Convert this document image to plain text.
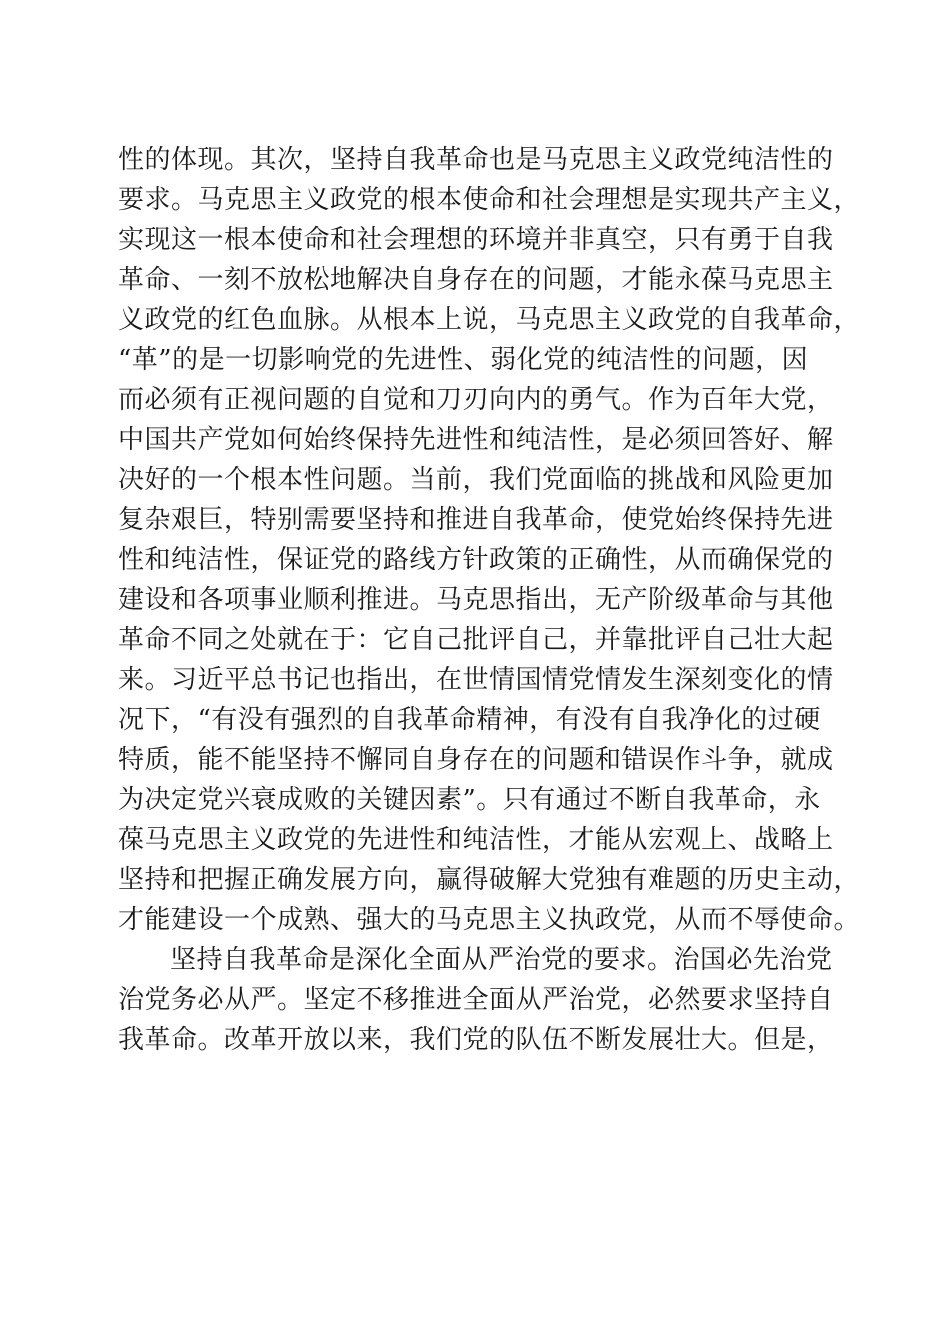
性的体现。其次，坚持自我革命也是马克思主义政党纯洁性的
要求。马克思主义政党的根本使命和社会理想是实现共产主义，
实现这一根本使命和社会理想的环境并非真空，只有勇于自我
革命、一刻不放松地解决自身存在的问题，才能永葆马克思主
义政党的红色血脉。从根本上说，马克思主义政党的自我革命，
“革”的是一切影响党的先进性、弱化党的纯洁性的问题，因
而必须有正视问题的自觉和刀刃向内的勇气。作为百年大党，
中国共产党如何始终保持先进性和纯洁性，是必须回答好、解
决好的一个根本性问题。当前，我们党面临的挑战和风险更加
复杂艰巨，特别需要坚持和推进自我革命，使党始终保持先进
性和纯洁性，保证党的路线方针政策的正确性，从而确保党的
建设和各项事业顺利推进。马克思指出，无产阶级革命与其他
革命不同之处就在于：它自己批评自己，并靠批评自己壮大起
来。习近平总书记也指出，在世情国情党情发生深刻变化的情
况下，“有没有强烈的自我革命精神，有没有自我净化的过硬
特质，能不能坚持不懈同自身存在的问题和错误作斗争，就成
为决定党兴衰成败的关键因素”。只有通过不断自我革命，永
葆马克思主义政党的先进性和纯洁性，才能从宏观上、战略上
坚持和把握正确发展方向，赢得破解大党独有难题的历史主动，
才能建设一个成熟、强大的马克思主义执政党，从而不辱使命。
坚持自我革命是深化全面从严治党的要求。治国必先治党
治党务必从严。坚定不移推进全面从严治党，必然要求坚持自
我革命。改革开放以来，我们党的队伍不断发展壮大。但是，
